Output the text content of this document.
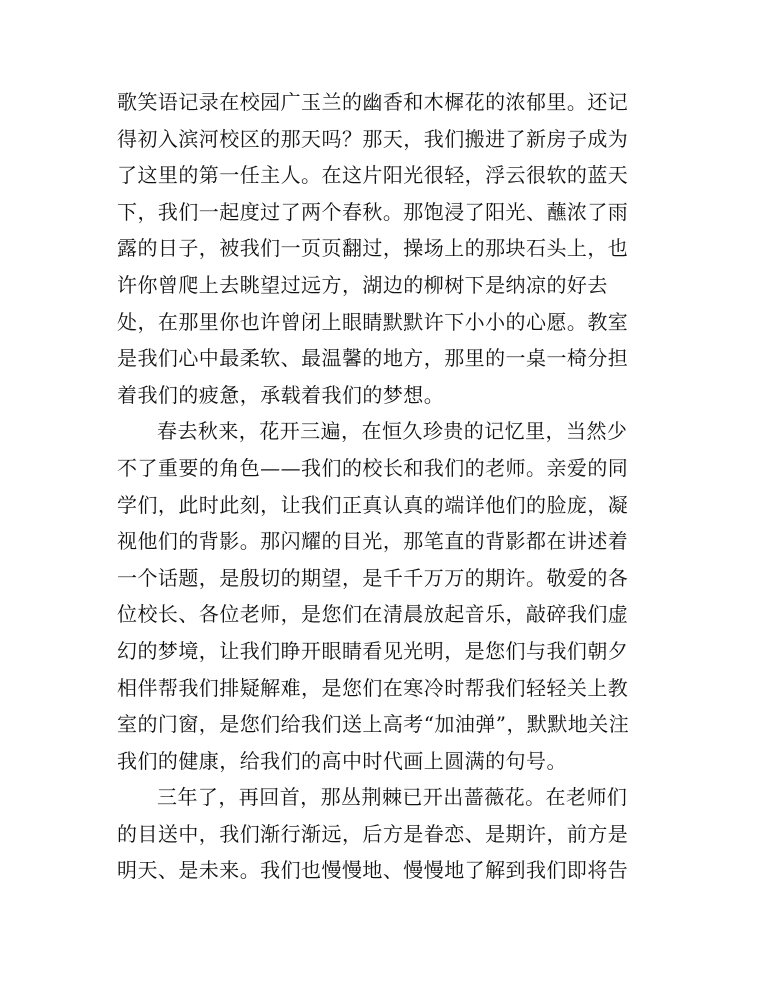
歌笑语记录在校园广玉兰的幽香和木樨花的浓郁里。还记
得初入滨河校区的那天吗？那天，我们搬进了新房子成为
了这里的第一任主人。在这片阳光很轻，浮云很软的蓝天
下，我们一起度过了两个春秋。那饱浸了阳光、蘸浓了雨
露的日子，被我们一页页翻过，操场上的那块石头上，也
许你曾爬上去眺望过远方，湖边的柳树下是纳凉的好去
处，在那里你也许曾闭上眼睛默默许下小小的心愿。教室
是我们心中最柔软、最温馨的地方，那里的一桌一椅分担
着我们的疲惫，承载着我们的梦想。
春去秋来，花开三遍，在恒久珍贵的记忆里，当然少
不了重要的角色——我们的校长和我们的老师。亲爱的同
学们，此时此刻，让我们正真认真的端详他们的脸庞，凝
视他们的背影。那闪耀的目光，那笔直的背影都在讲述着
一个话题，是殷切的期望，是千千万万的期许。敬爱的各
位校长、各位老师，是您们在清晨放起音乐，敲碎我们虚
幻的梦境，让我们睁开眼睛看见光明，是您们与我们朝夕
相伴帮我们排疑解难，是您们在寒冷时帮我们轻轻关上教
室的门窗，是您们给我们送上高考“加油弹”，默默地关注
我们的健康，给我们的高中时代画上圆满的句号。
三年了，再回首，那丛荆棘已开出蔷薇花。在老师们
的目送中，我们渐行渐远，后方是眷恋、是期许，前方是
明天、是未来。我们也慢慢地、慢慢地了解到我们即将告
